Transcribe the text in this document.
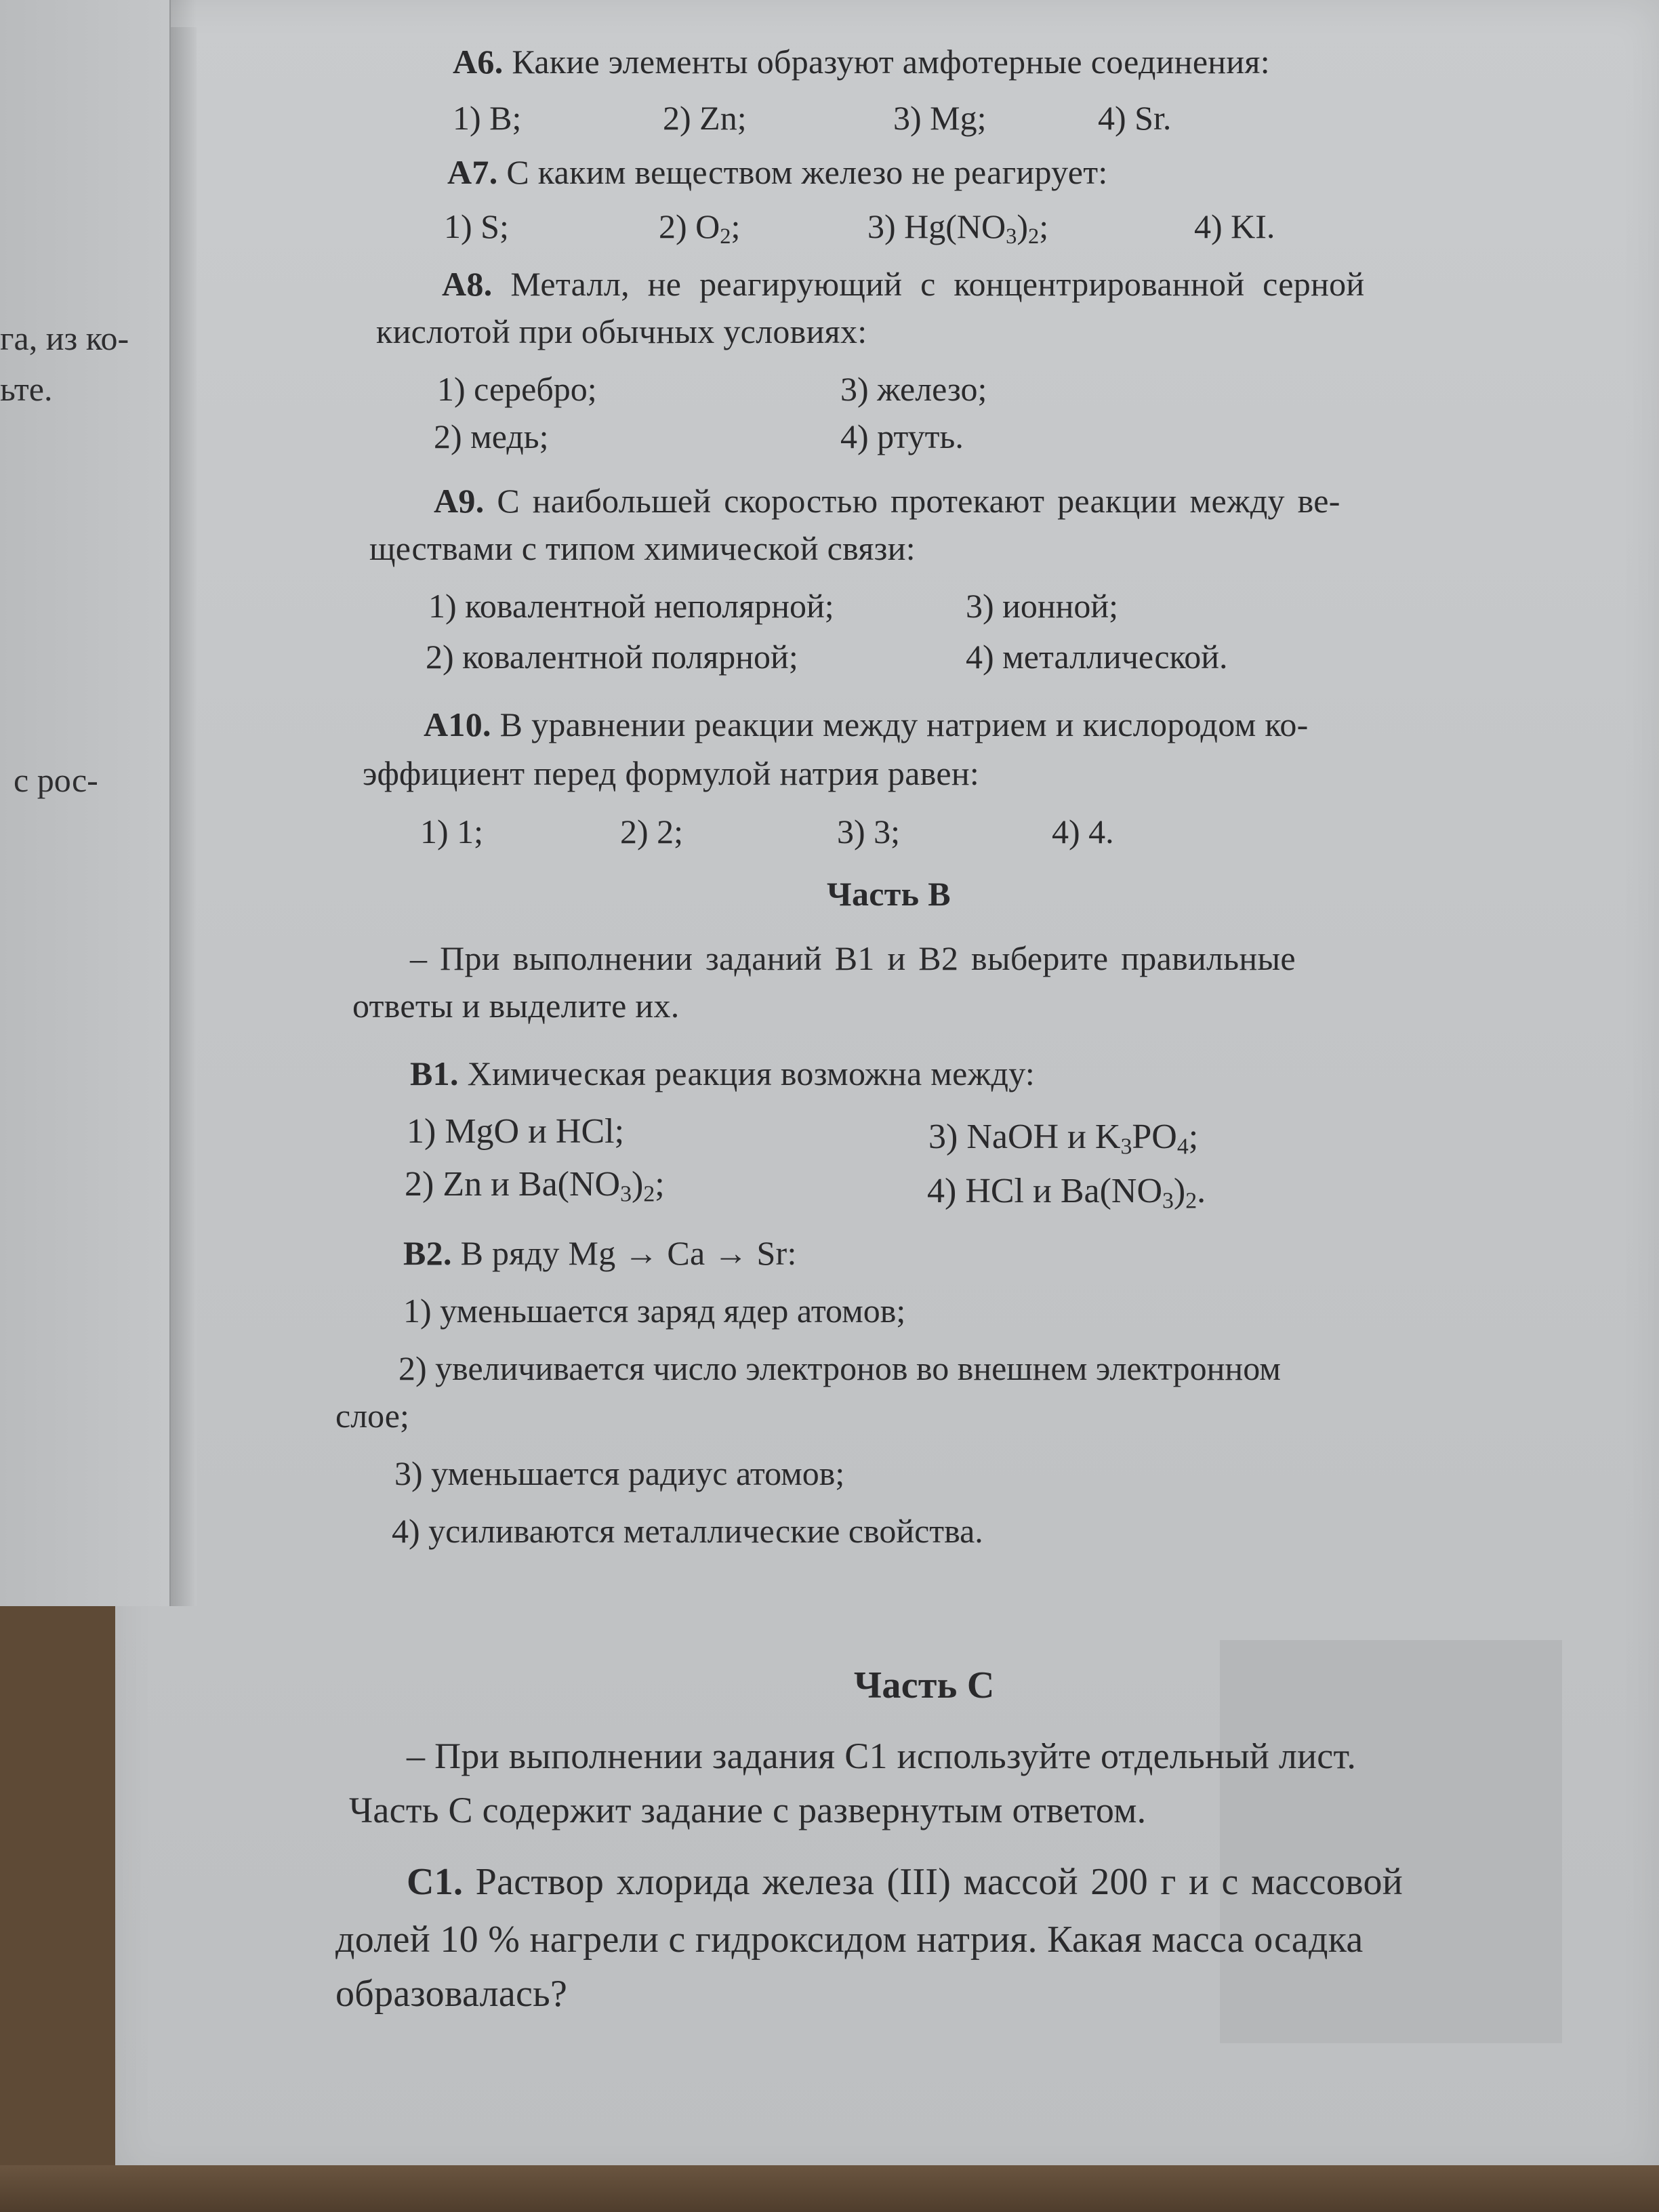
га, из ко-
ьте.
с рос-
А6. Какие элементы образуют амфотерные соединения:
1) B;	2) Zn;	3) Mg;	4) Sr.
А7. С каким веществом железо не реагирует:
1) S;	2) $O_2$;	3) $Hg(NO_3)_2$;	4) KI.
А8. Металл, не реагирующий с концентрированной серной
кислотой при обычных условиях:
1) серебро;	3) железо;
2) медь;	4) ртуть.
А9. С наибольшей скоростью протекают реакции между ве-
ществами с типом химической связи:
1) ковалентной неполярной;	3) ионной;
2) ковалентной полярной;	4) металлической.
А10. В уравнении реакции между натрием и кислородом ко-
эффициент перед формулой натрия равен:
1) 1;	2) 2;	3) 3;	4) 4.
Часть В
– При выполнении заданий В1 и В2 выберите правильные
ответы и выделите их.
В1. Химическая реакция возможна между:
1) MgO и HCl;	3) NaOH и $K_3PO_4$;
2) Zn и $Ba(NO_3)_2$;	4) HCl и $Ba(NO_3)_2$.
В2. В ряду Mg → Ca → Sr:
1) уменьшается заряд ядер атомов;
2) увеличивается число электронов во внешнем электронном
слое;
3) уменьшается радиус атомов;
4) усиливаются металлические свойства.
Часть С
– При выполнении задания С1 используйте отдельный лист.
Часть С содержит задание с развернутым ответом.
С1. Раствор хлорида железа (III) массой 200 г и с массовой
долей 10 % нагрели с гидроксидом натрия. Какая масса осадка
образовалась?
